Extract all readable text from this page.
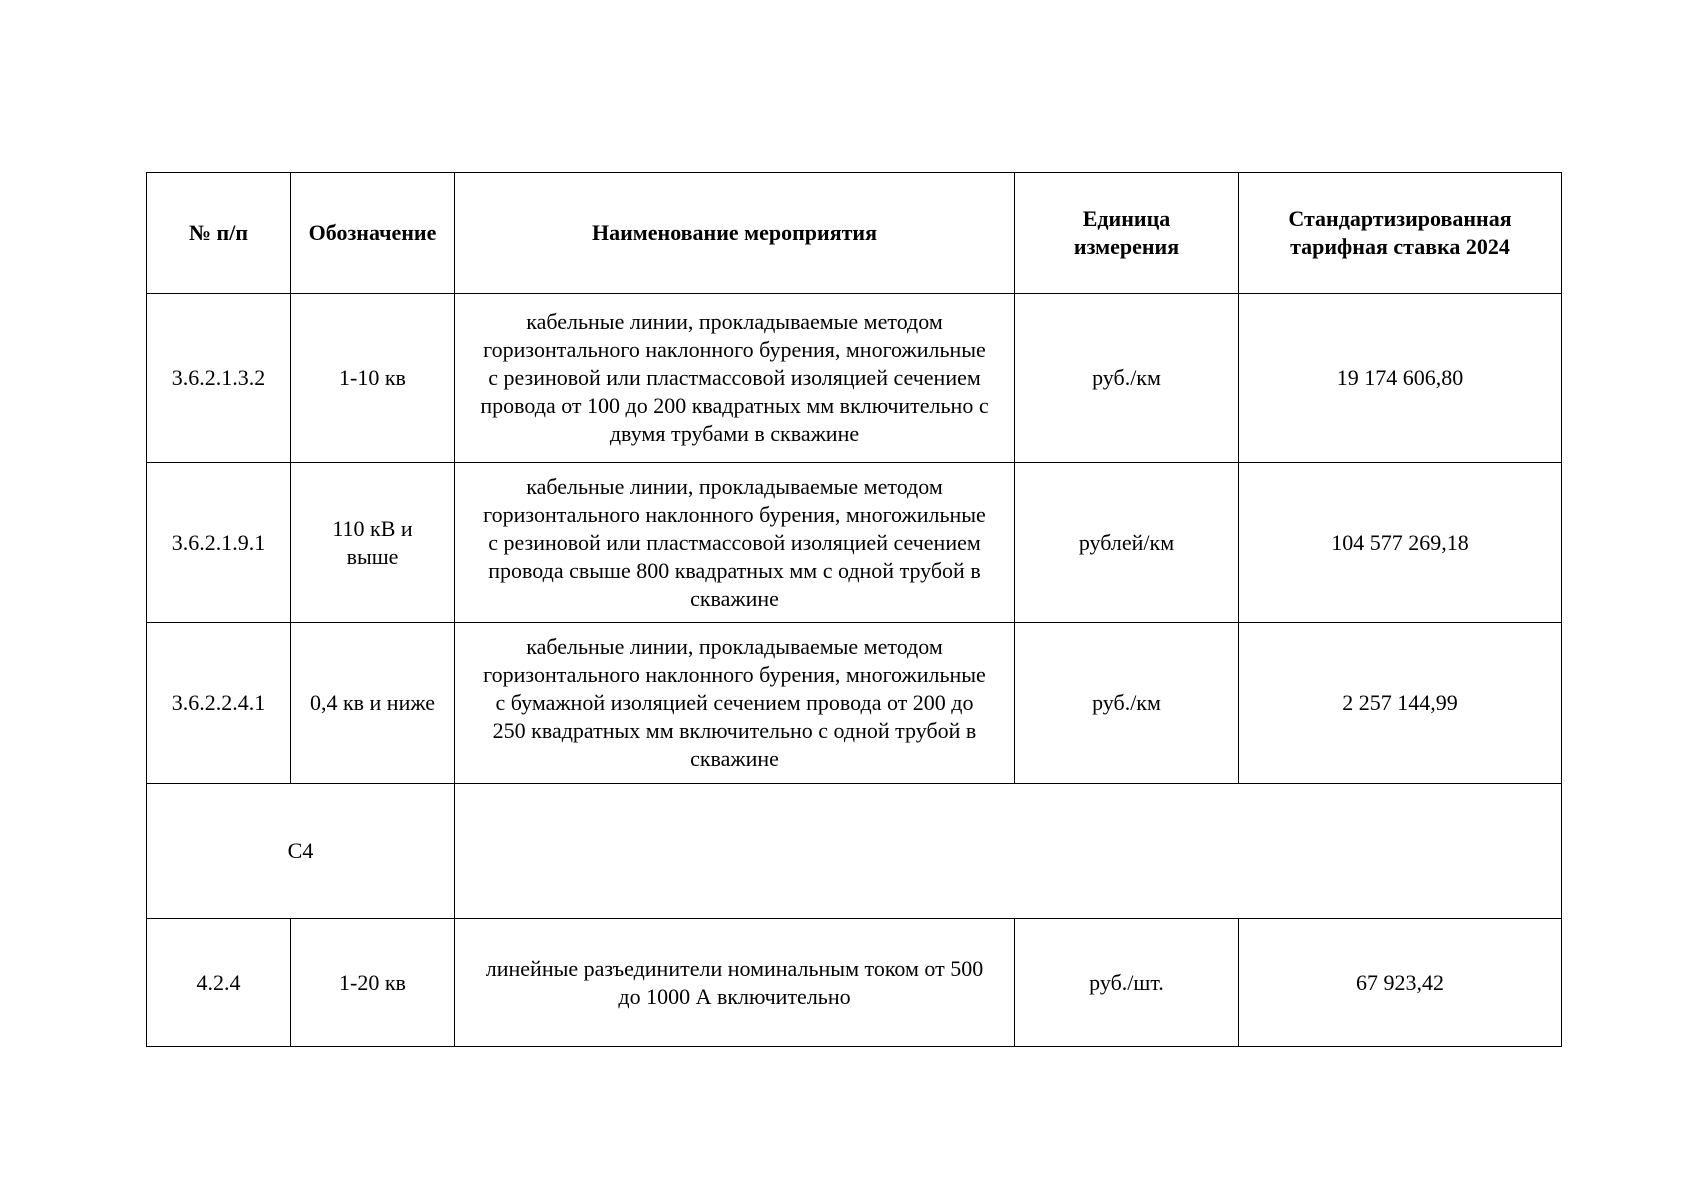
№ п/п	Обозначение	Наименование мероприятия	Единица измерения	Стандартизированная тарифная ставка 2024
3.6.2.1.3.2	1-10 кв	кабельные линии, прокладываемые методом горизонтального наклонного бурения, многожильные с резиновой или пластмассовой изоляцией сечением провода от 100 до 200 квадратных мм включительно с двумя трубами в скважине	руб./км	19 174 606,80
3.6.2.1.9.1	110 кВ и выше	кабельные линии, прокладываемые методом горизонтального наклонного бурения, многожильные с резиновой или пластмассовой изоляцией сечением провода свыше 800 квадратных мм с одной трубой в скважине	рублей/км	104 577 269,18
3.6.2.2.4.1	0,4 кв и ниже	кабельные линии, прокладываемые методом горизонтального наклонного бурения, многожильные с бумажной изоляцией сечением провода от 200 до 250 квадратных мм включительно с одной трубой в скважине	руб./км	2 257 144,99
С4				
4.2.4	1-20 кв	линейные разъединители номинальным током от 500 до 1000 А включительно	руб./шт.	67 923,42
